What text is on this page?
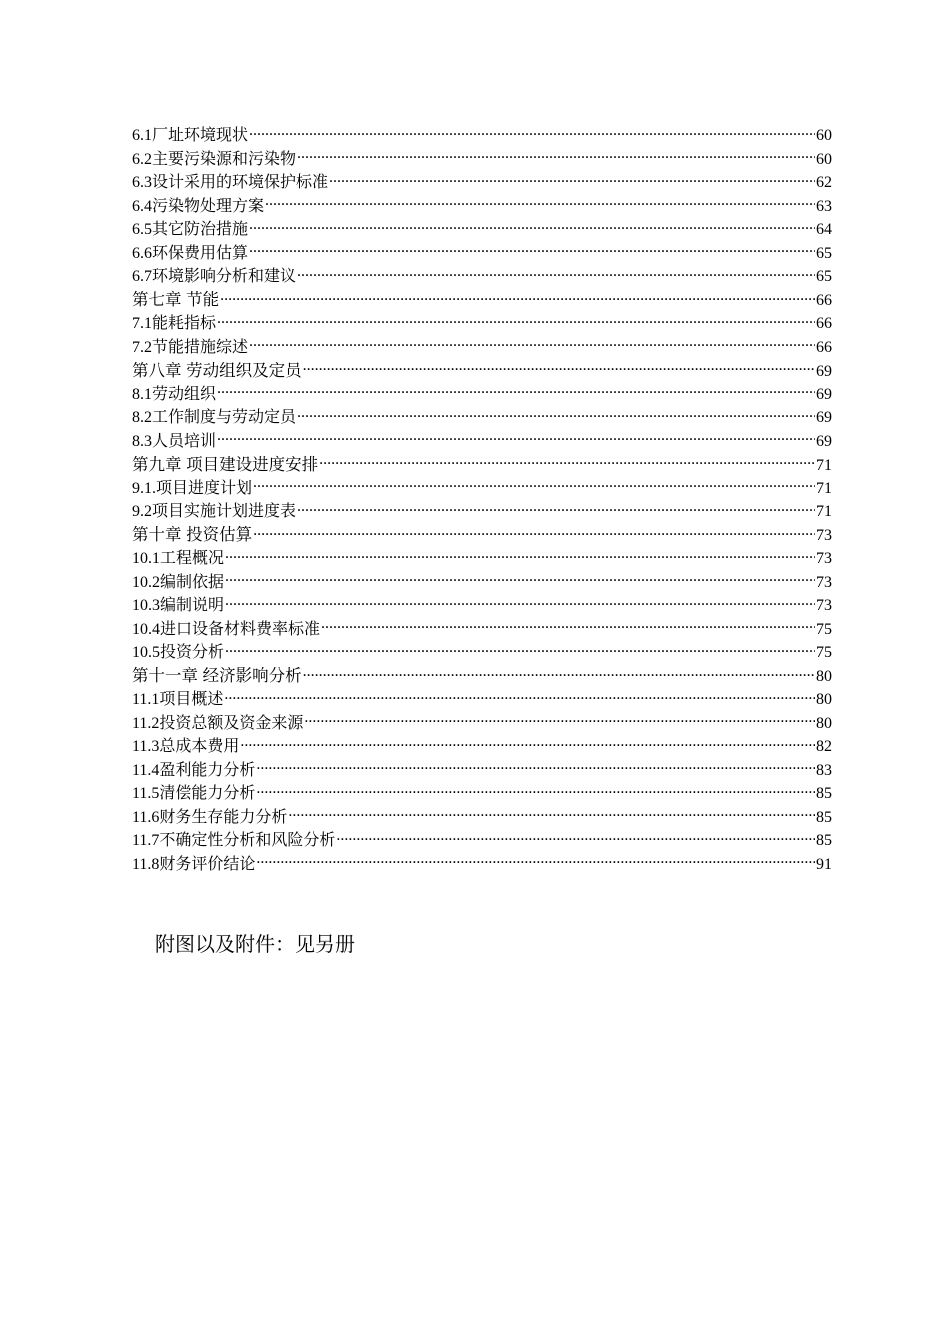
6.1厂址环境现状 .....	60
6.2主要污染源和污染物 .....	60
6.3设计采用的环境保护标准 .....	62
6.4污染物处理方案 .....	63
6.5其它防治措施 .....	64
6.6环保费用估算 .....	65
6.7环境影响分析和建议 .....	65
第七章 节能 .....	66
7.1能耗指标 .....	66
7.2节能措施综述 .....	66
第八章 劳动组织及定员 .....	69
8.1劳动组织 .....	69
8.2工作制度与劳动定员 .....	69
8.3人员培训 .....	69
第九章 项目建设进度安排 .....	71
9.1.项目进度计划 .....	71
9.2项目实施计划进度表 .....	71
第十章 投资估算 .....	73
10.1工程概况 .....	73
10.2编制依据 .....	73
10.3编制说明 .....	73
10.4进口设备材料费率标准 .....	75
10.5投资分析 .....	75
第十一章 经济影响分析 .....	80
11.1项目概述 .....	80
11.2投资总额及资金来源 .....	80
11.3总成本费用 .....	82
11.4盈利能力分析 .....	83
11.5清偿能力分析 .....	85
11.6财务生存能力分析 .....	85
11.7不确定性分析和风险分析 .....	85
11.8财务评价结论 .....	91
附图以及附件：见另册
